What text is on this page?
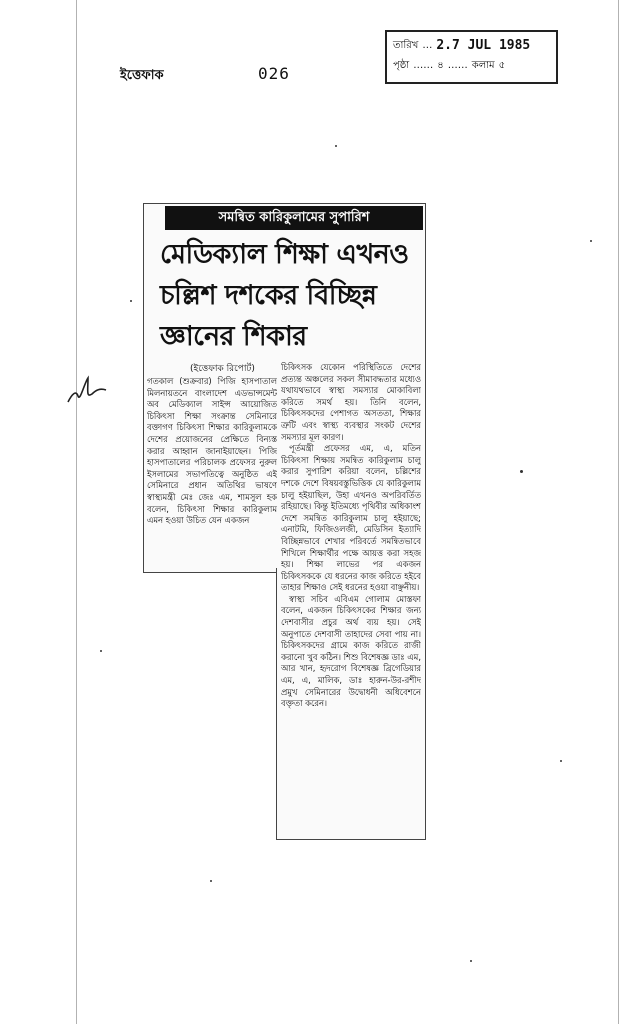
ইত্তেফাক	026
তারিখ … 2.7 JUL 1985
পৃষ্ঠা …… ৪ …… কলাম ৫
সমন্বিত কারিকুলামের সুপারিশ
মেডিক্যাল শিক্ষা এখনও চল্লিশ দশকের বিচ্ছিন্ন জ্ঞানের শিকার
(ইত্তেফাক রিপোর্ট)

গতকাল (শুক্রবার) পিজি হাসপাতাল মিলনায়তনে বাংলাদেশ এডভান্সমেন্ট অব মেডিক্যাল সাইন্স আয়োজিত চিকিৎসা শিক্ষা সংক্রান্ত সেমিনারে বক্তাগণ চিকিৎসা শিক্ষার কারিকুলামকে দেশের প্রয়োজনের প্রেক্ষিতে বিন্যস্ত করার আহ্বান জানাইয়াছেন। পিজি হাসপাতালের পরিচালক প্রফেসর নুরুল ইসলামের সভাপতিত্বে অনুষ্ঠিত এই সেমিনারে প্রধান অতিথির ভাষণে স্বাস্থ্যমন্ত্রী মেঃ জেঃ এম, শামসুল হক বলেন, চিকিৎসা শিক্ষার কারিকুলাম এমন হওয়া উচিত যেন একজন

চিকিৎসক যেকোন পরিস্থিতিতে দেশের প্রত্যন্ত অঞ্চলের সকল সীমাবদ্ধতার মধ্যেও যথাযথভাবে স্বাস্থ্য সমস্যার মোকাবিলা করিতে সমর্থ হয়। তিনি বলেন, চিকিৎসকদের পেশাগত অসততা, শিক্ষার ত্রুটি এবং স্বাস্থ্য ব্যবস্থার সংকট দেশের সমস্যার মূল কারণ।

পূর্তমন্ত্রী প্রফেসর এম, এ, মতিন চিকিৎসা শিক্ষায় সমন্বিত কারিকুলাম চালু করার সুপারিশ করিয়া বলেন, চল্লিশের দশকে দেশে বিষয়বস্তুভিত্তিক যে কারিকুলাম চালু হইয়াছিল, উহা এখনও অপরিবর্তিত রহিয়াছে। কিন্তু ইতিমধ্যে পৃথিবীর অধিকাংশ দেশে সমন্বিত কারিকুলাম চালু হইয়াছে; এনাটমি, ফিজিওলজী, মেডিসিন ইত্যাদি বিচ্ছিন্নভাবে শেখার পরিবর্তে সমন্বিতভাবে শিখিলে শিক্ষার্থীর পক্ষে আয়ত্ত করা সহজ হয়। শিক্ষা লাভের পর একজন চিকিৎসককে যে ধরনের কাজ করিতে হইবে তাহার শিক্ষাও সেই ধরনের হওয়া বাঞ্ছনীয়।

স্বাস্থ্য সচিব এবিএম গোলাম মোস্তফা বলেন, একজন চিকিৎসকের শিক্ষার জন্য দেশবাসীর প্রচুর অর্থ ব্যয় হয়। সেই অনুপাতে দেশবাসী তাহাদের সেবা পায় না। চিকিৎসকদের গ্রামে কাজ করিতে রাজী করানো খুব কঠিন। শিশু বিশেষজ্ঞ ডাঃ এম, আর খান, হৃদরোগ বিশেষজ্ঞ ব্রিগেডিয়ার এম, এ, মালিক, ডাঃ হারুন-উর-রশীদ প্রমুখ সেমিনারের উদ্বোধনী অধিবেশনে বক্তৃতা করেন।
